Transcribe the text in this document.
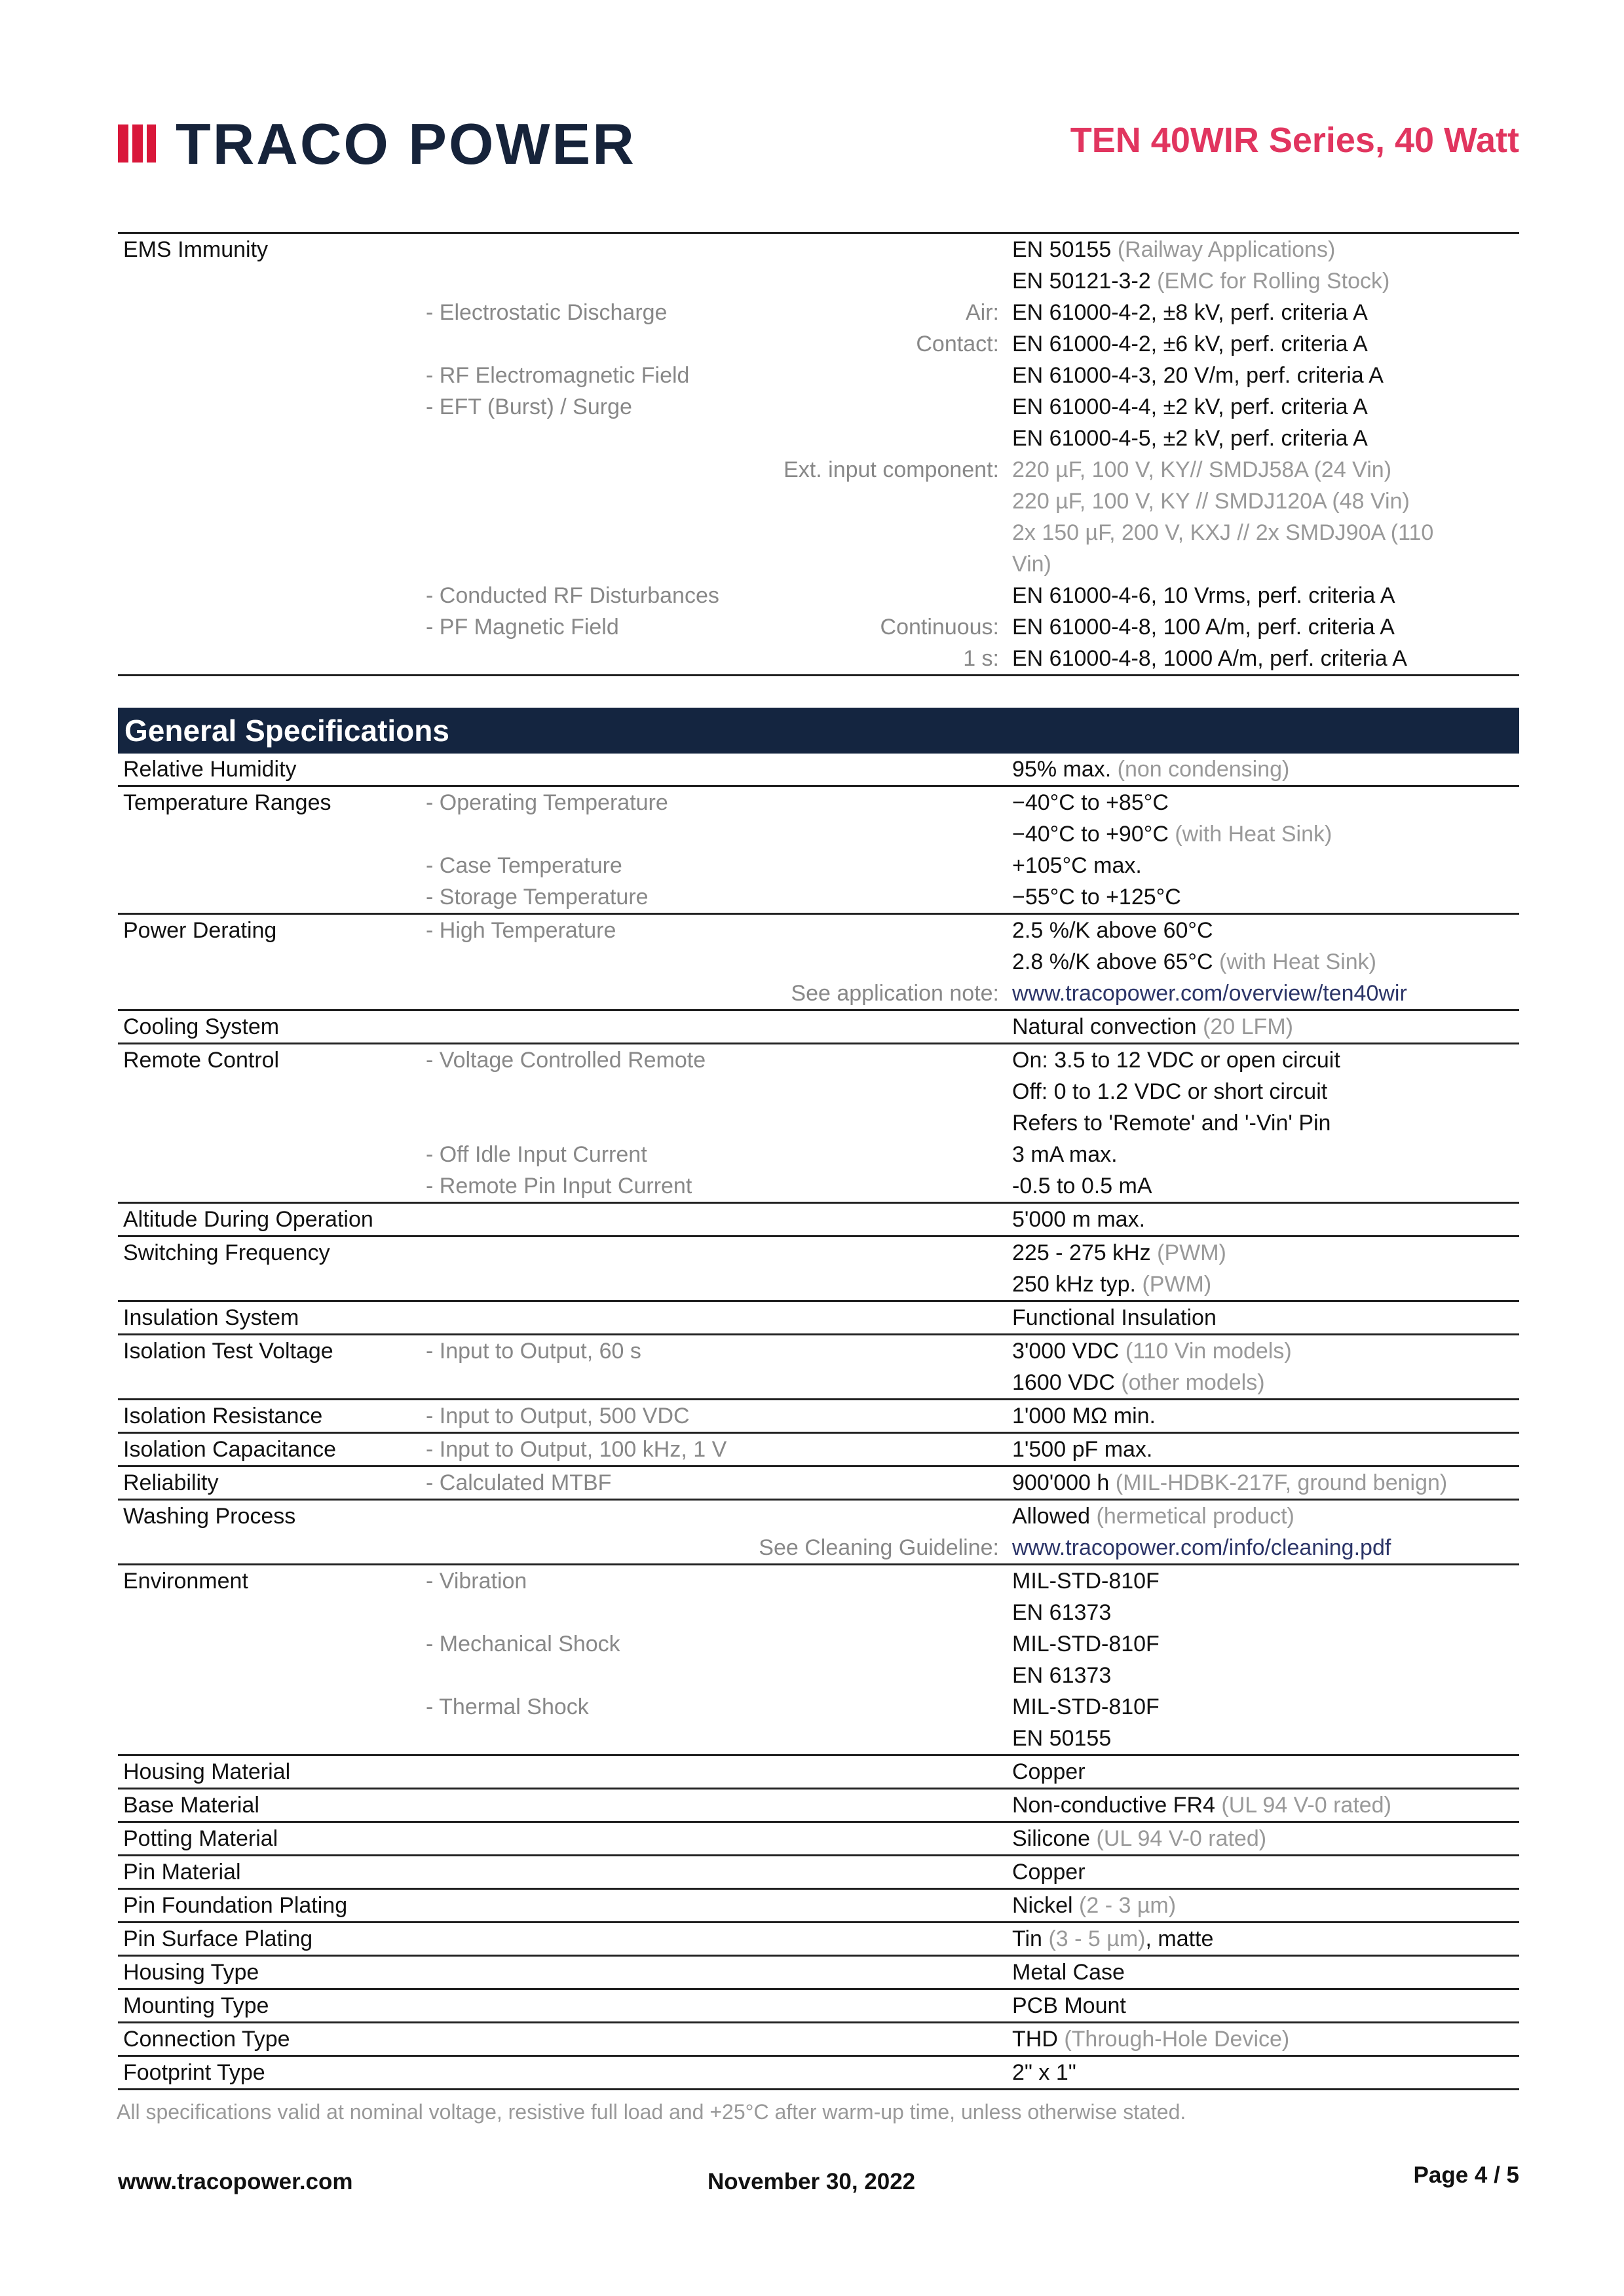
TRACO POWER	TEN 40WIR Series, 40 Watt
EMS Immunity	EN 50155 (Railway Applications)
EN 50121-3-2 (EMC for Rolling Stock)
- Electrostatic Discharge	Air: EN 61000-4-2, ±8 kV, perf. criteria A
Contact: EN 61000-4-2, ±6 kV, perf. criteria A
- RF Electromagnetic Field	EN 61000-4-3, 20 V/m, perf. criteria A
- EFT (Burst) / Surge	EN 61000-4-4, ±2 kV, perf. criteria A
EN 61000-4-5, ±2 kV, perf. criteria A
Ext. input component: 220 µF, 100 V, KY// SMDJ58A (24 Vin)
220 µF, 100 V, KY // SMDJ120A (48 Vin)
2x 150 µF, 200 V, KXJ // 2x SMDJ90A (110
Vin)
- Conducted RF Disturbances	EN 61000-4-6, 10 Vrms, perf. criteria A
- PF Magnetic Field	Continuous: EN 61000-4-8, 100 A/m, perf. criteria A
1 s: EN 61000-4-8, 1000 A/m, perf. criteria A
General Specifications
Relative Humidity	95% max. (non condensing)
Temperature Ranges	- Operating Temperature	−40°C to +85°C
−40°C to +90°C (with Heat Sink)
- Case Temperature	+105°C max.
- Storage Temperature	−55°C to +125°C
Power Derating	- High Temperature	2.5 %/K above 60°C
2.8 %/K above 65°C (with Heat Sink)
See application note: www.tracopower.com/overview/ten40wir
Cooling System	Natural convection (20 LFM)
Remote Control	- Voltage Controlled Remote	On: 3.5 to 12 VDC or open circuit
Off: 0 to 1.2 VDC or short circuit
Refers to 'Remote' and '-Vin' Pin
- Off Idle Input Current	3 mA max.
- Remote Pin Input Current	-0.5 to 0.5 mA
Altitude During Operation	5'000 m max.
Switching Frequency	225 - 275 kHz (PWM)
250 kHz typ. (PWM)
Insulation System	Functional Insulation
Isolation Test Voltage	- Input to Output, 60 s	3'000 VDC (110 Vin models)
1600 VDC (other models)
Isolation Resistance	- Input to Output, 500 VDC	1'000 MΩ min.
Isolation Capacitance	- Input to Output, 100 kHz, 1 V	1'500 pF max.
Reliability	- Calculated MTBF	900'000 h (MIL-HDBK-217F, ground benign)
Washing Process	Allowed (hermetical product)
See Cleaning Guideline: www.tracopower.com/info/cleaning.pdf
Environment	- Vibration	MIL-STD-810F
EN 61373
- Mechanical Shock	MIL-STD-810F
EN 61373
- Thermal Shock	MIL-STD-810F
EN 50155
Housing Material	Copper
Base Material	Non-conductive FR4 (UL 94 V-0 rated)
Potting Material	Silicone (UL 94 V-0 rated)
Pin Material	Copper
Pin Foundation Plating	Nickel (2 - 3 µm)
Pin Surface Plating	Tin (3 - 5 µm), matte
Housing Type	Metal Case
Mounting Type	PCB Mount
Connection Type	THD (Through-Hole Device)
Footprint Type	2" x 1"
All specifications valid at nominal voltage, resistive full load and +25°C after warm-up time, unless otherwise stated.
www.tracopower.com	November 30, 2022	Page 4 / 5
